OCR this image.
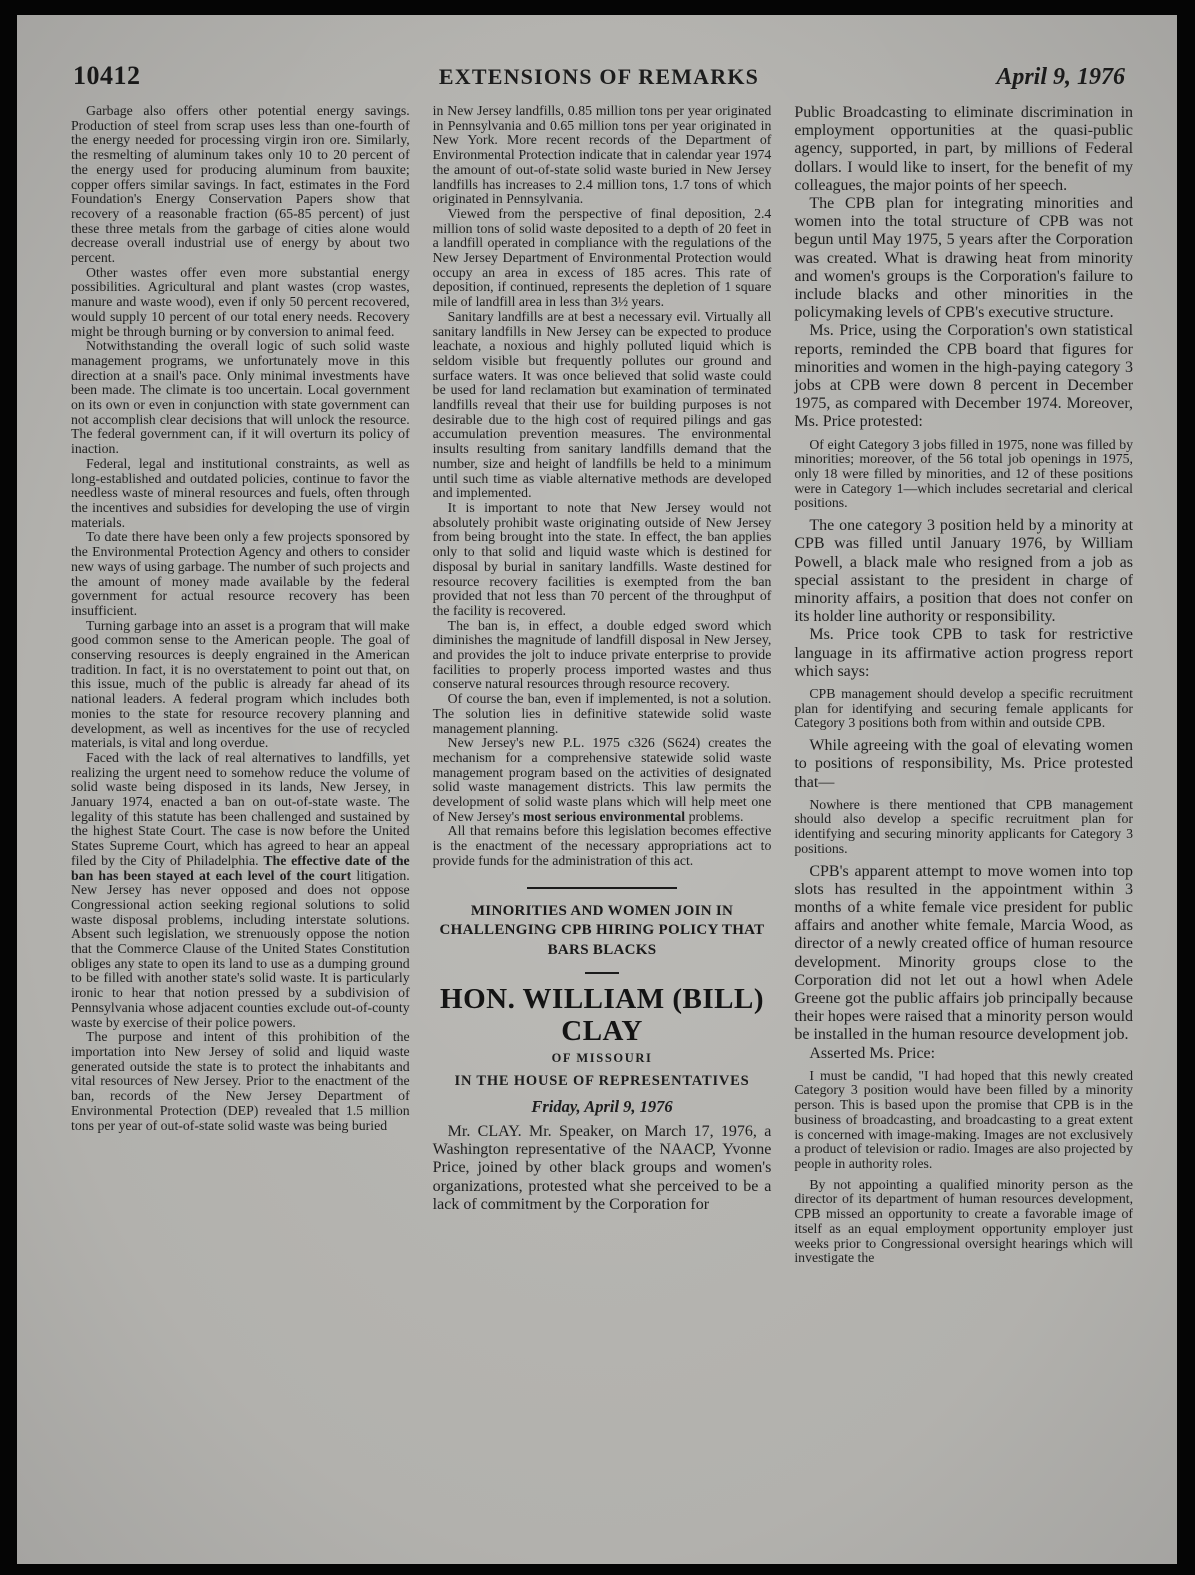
10412	EXTENSIONS OF REMARKS	April 9, 1976

Garbage also offers other potential energy savings. Production of steel from scrap uses less than one-fourth of the energy needed for processing virgin iron ore. Similarly, the resmelting of aluminum takes only 10 to 20 percent of the energy used for producing aluminum from bauxite; copper offers similar savings. In fact, estimates in the Ford Foundation's Energy Conservation Papers show that recovery of a reasonable fraction (65-85 percent) of just these three metals from the garbage of cities alone would decrease overall industrial use of energy by about two percent.

Other wastes offer even more substantial energy possibilities. Agricultural and plant wastes (crop wastes, manure and waste wood), even if only 50 percent recovered, would supply 10 percent of our total enery needs. Recovery might be through burning or by conversion to animal feed.

Notwithstanding the overall logic of such solid waste management programs, we unfortunately move in this direction at a snail's pace. Only minimal investments have been made. The climate is too uncertain. Local government on its own or even in conjunction with state government can not accomplish clear decisions that will unlock the resource. The federal government can, if it will overturn its policy of inaction.

Federal, legal and institutional constraints, as well as long-established and outdated policies, continue to favor the needless waste of mineral resources and fuels, often through the incentives and subsidies for developing the use of virgin materials.

To date there have been only a few projects sponsored by the Environmental Protection Agency and others to consider new ways of using garbage. The number of such projects and the amount of money made available by the federal government for actual resource recovery has been insufficient.

Turning garbage into an asset is a program that will make good common sense to the American people. The goal of conserving resources is deeply engrained in the American tradition. In fact, it is no overstatement to point out that, on this issue, much of the public is already far ahead of its national leaders. A federal program which includes both monies to the state for resource recovery planning and development, as well as incentives for the use of recycled materials, is vital and long overdue.

Faced with the lack of real alternatives to landfills, yet realizing the urgent need to somehow reduce the volume of solid waste being disposed in its lands, New Jersey, in January 1974, enacted a ban on out-of-state waste. The legality of this statute has been challenged and sustained by the highest State Court. The case is now before the United States Supreme Court, which has agreed to hear an appeal filed by the City of Philadelphia. The effective date of the ban has been stayed at each level of the court litigation. New Jersey has never opposed and does not oppose Congressional action seeking regional solutions to solid waste disposal problems, including interstate solutions. Absent such legislation, we strenuously oppose the notion that the Commerce Clause of the United States Constitution obliges any state to open its land to use as a dumping ground to be filled with another state's solid waste. It is particularly ironic to hear that notion pressed by a subdivision of Pennsylvania whose adjacent counties exclude out-of-county waste by exercise of their police powers.

The purpose and intent of this prohibition of the importation into New Jersey of solid and liquid waste generated outside the state is to protect the inhabitants and vital resources of New Jersey. Prior to the enactment of the ban, records of the New Jersey Department of Environmental Protection (DEP) revealed that 1.5 million tons per year of out-of-state solid waste was being buried

in New Jersey landfills, 0.85 million tons per year originated in Pennsylvania and 0.65 million tons per year originated in New York. More recent records of the Department of Environmental Protection indicate that in calendar year 1974 the amount of out-of-state solid waste buried in New Jersey landfills has increases to 2.4 million tons, 1.7 tons of which originated in Pennsylvania.

Viewed from the perspective of final deposition, 2.4 million tons of solid waste deposited to a depth of 20 feet in a landfill operated in compliance with the regulations of the New Jersey Department of Environmental Protection would occupy an area in excess of 185 acres. This rate of deposition, if continued, represents the depletion of 1 square mile of landfill area in less than 3½ years.

Sanitary landfills are at best a necessary evil. Virtually all sanitary landfills in New Jersey can be expected to produce leachate, a noxious and highly polluted liquid which is seldom visible but frequently pollutes our ground and surface waters. It was once believed that solid waste could be used for land reclamation but examination of terminated landfills reveal that their use for building purposes is not desirable due to the high cost of required pilings and gas accumulation prevention measures. The environmental insults resulting from sanitary landfills demand that the number, size and height of landfills be held to a minimum until such time as viable alternative methods are developed and implemented.

It is important to note that New Jersey would not absolutely prohibit waste originating outside of New Jersey from being brought into the state. In effect, the ban applies only to that solid and liquid waste which is destined for disposal by burial in sanitary landfills. Waste destined for resource recovery facilities is exempted from the ban provided that not less than 70 percent of the throughput of the facility is recovered.

The ban is, in effect, a double edged sword which diminishes the magnitude of landfill disposal in New Jersey, and provides the jolt to induce private enterprise to provide facilities to properly process imported wastes and thus conserve natural resources through resource recovery.

Of course the ban, even if implemented, is not a solution. The solution lies in definitive statewide solid waste management planning.

New Jersey's new P.L. 1975 c326 (S624) creates the mechanism for a comprehensive statewide solid waste management program based on the activities of designated solid waste management districts. This law permits the development of solid waste plans which will help meet one of New Jersey's most serious environmental problems.

All that remains before this legislation becomes effective is the enactment of the necessary appropriations act to provide funds for the administration of this act.

MINORITIES AND WOMEN JOIN IN CHALLENGING CPB HIRING POLICY THAT BARS BLACKS
HON. WILLIAM (BILL) CLAY
OF MISSOURI
IN THE HOUSE OF REPRESENTATIVES
Friday, April 9, 1976

Mr. CLAY. Mr. Speaker, on March 17, 1976, a Washington representative of the NAACP, Yvonne Price, joined by other black groups and women's organizations, protested what she perceived to be a lack of commitment by the Corporation for

Public Broadcasting to eliminate discrimination in employment opportunities at the quasi-public agency, supported, in part, by millions of Federal dollars. I would like to insert, for the benefit of my colleagues, the major points of her speech.

The CPB plan for integrating minorities and women into the total structure of CPB was not begun until May 1975, 5 years after the Corporation was created. What is drawing heat from minority and women's groups is the Corporation's failure to include blacks and other minorities in the policymaking levels of CPB's executive structure.

Ms. Price, using the Corporation's own statistical reports, reminded the CPB board that figures for minorities and women in the high-paying category 3 jobs at CPB were down 8 percent in December 1975, as compared with December 1974. Moreover, Ms. Price protested:

Of eight Category 3 jobs filled in 1975, none was filled by minorities; moreover, of the 56 total job openings in 1975, only 18 were filled by minorities, and 12 of these positions were in Category 1—which includes secretarial and clerical positions.

The one category 3 position held by a minority at CPB was filled until January 1976, by William Powell, a black male who resigned from a job as special assistant to the president in charge of minority affairs, a position that does not confer on its holder line authority or responsibility.

Ms. Price took CPB to task for restrictive language in its affirmative action progress report which says:

CPB management should develop a specific recruitment plan for identifying and securing female applicants for Category 3 positions both from within and outside CPB.

While agreeing with the goal of elevating women to positions of responsibility, Ms. Price protested that—

Nowhere is there mentioned that CPB management should also develop a specific recruitment plan for identifying and securing minority applicants for Category 3 positions.

CPB's apparent attempt to move women into top slots has resulted in the appointment within 3 months of a white female vice president for public affairs and another white female, Marcia Wood, as director of a newly created office of human resource development. Minority groups close to the Corporation did not let out a howl when Adele Greene got the public affairs job principally because their hopes were raised that a minority person would be installed in the human resource development job.

Asserted Ms. Price:

I must be candid, "I had hoped that this newly created Category 3 position would have been filled by a minority person. This is based upon the promise that CPB is in the business of broadcasting, and broadcasting to a great extent is concerned with image-making. Images are not exclusively a product of television or radio. Images are also projected by people in authority roles.

By not appointing a qualified minority person as the director of its department of human resources development, CPB missed an opportunity to create a favorable image of itself as an equal employment opportunity employer just weeks prior to Congressional oversight hearings which will investigate the
